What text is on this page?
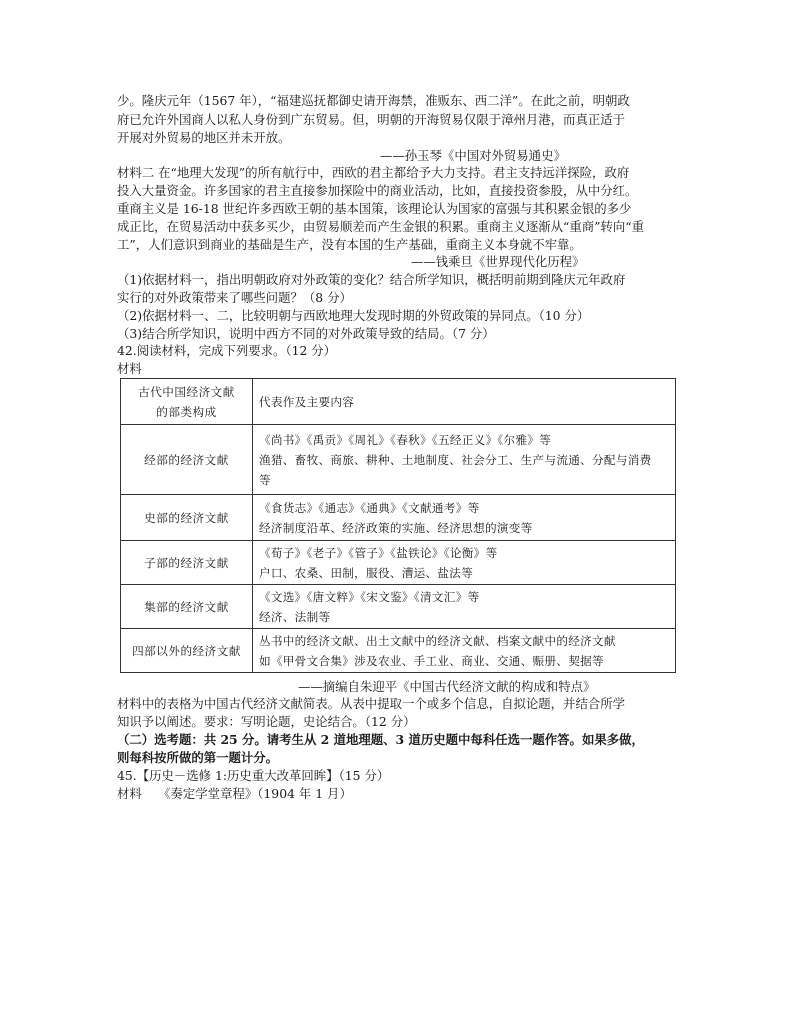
少。隆庆元年（1567 年），“福建巡抚都御史请开海禁，准贩东、西二洋”。在此之前，明朝政
府已允许外国商人以私人身份到广东贸易。但，明朝的开海贸易仅限于漳州月港，而真正适于
开展对外贸易的地区并未开放。
——孙玉琴《中国对外贸易通史》
材料二 在“地理大发现”的所有航行中，西欧的君主都给予大力支持。君主支持远洋探险，政府
投入大量资金。许多国家的君主直接参加探险中的商业活动，比如，直接投资参股，从中分红。
重商主义是 16-18 世纪许多西欧王朝的基本国策，该理论认为国家的富强与其积累金银的多少
成正比，在贸易活动中获多买少，由贸易顺差而产生金银的积累。重商主义逐渐从“重商”转向“重
工”，人们意识到商业的基础是生产，没有本国的生产基础，重商主义本身就不牢靠。
——钱乘旦《世界现代化历程》
（1)依据材料一，指出明朝政府对外政策的变化？结合所学知识，概括明前期到隆庆元年政府
实行的对外政策带来了哪些问题？（8 分）
（2)依据材料一、二，比较明朝与西欧地理大发现时期的外贸政策的异同点。（10 分）
（3)结合所学知识，说明中西方不同的对外政策导致的结局。（7 分）
42.阅读材料，完成下列要求。（12 分）
材料
古代中国经济文献
的部类构成	代表作及主要内容

经部的经济文献	《尚书》《禹贡》《周礼》《春秋》《五经正义》《尔雅》等
渔猎、畜牧、商旅、耕种、土地制度、社会分工、生产与流通、分配与消费
等

史部的经济文献	《食货志》《通志》《通典》《文献通考》等
经济制度沿革、经济政策的实施、经济思想的演变等

子部的经济文献	《荀子》《老子》《管子》《盐铁论》《论衡》等
户口、农桑、田制，服役、漕运、盐法等

集部的经济文献	《文选》《唐文粹》《宋文鉴》《清文汇》等
经济、法制等

四部以外的经济文献	丛书中的经济文献、出土文献中的经济文献、档案文献中的经济文献
如《甲骨文合集》涉及农业、手工业、商业、交通、赈册、契据等
——摘编自朱迎平《中国古代经济文献的构成和特点》
材料中的表格为中国古代经济文献简表。从表中提取一个或多个信息，自拟论题，并结合所学
知识予以阐述。要求：写明论题，史论结合。（12 分）
（二）选考题：共 25 分。请考生从 2 道地理题、3 道历史题中每科任选一题作答。如果多做，
则每科按所做的第一题计分。
45.【历史－选修 1:历史重大改革回眸】（15 分）
材料　 《奏定学堂章程》（1904 年 1 月）
